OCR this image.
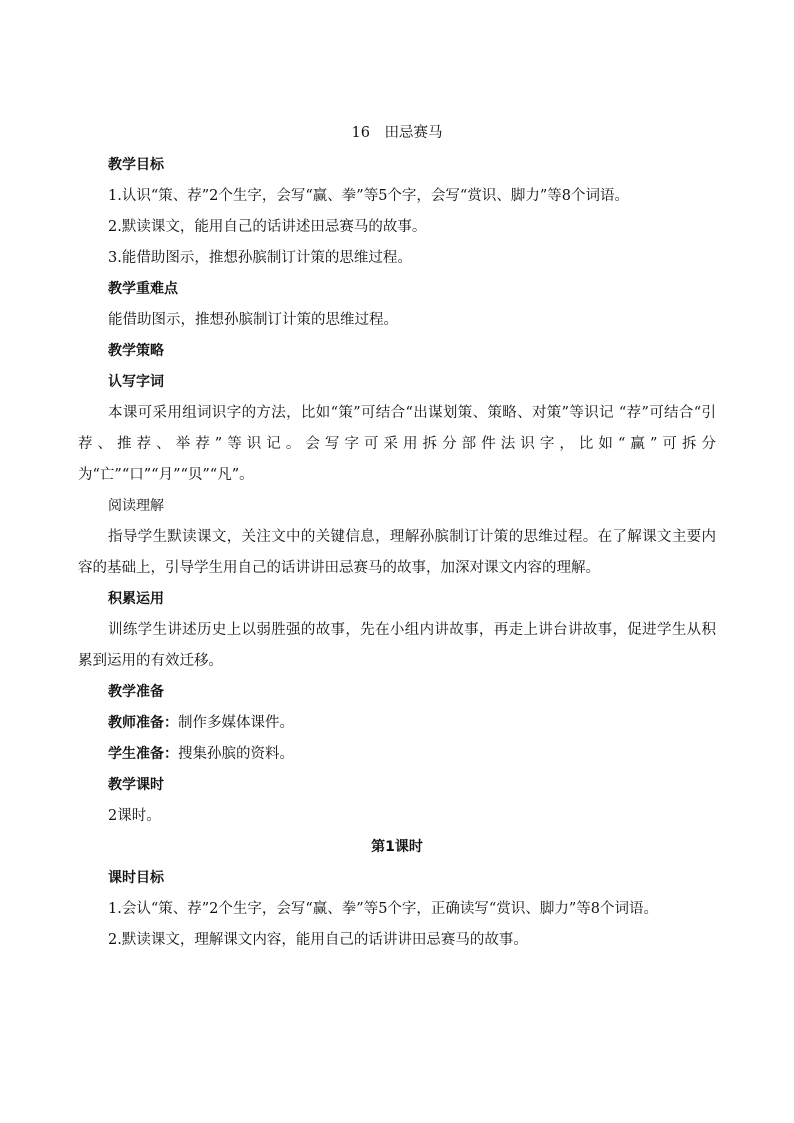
16　田忌赛马
教学目标

1.认识“策、荐”2个生字，会写“赢、拳”等5个字，会写“赏识、脚力”等8个词语。

2.默读课文，能用自己的话讲述田忌赛马的故事。

3.能借助图示，推想孙膑制订计策的思维过程。

教学重难点

能借助图示，推想孙膑制订计策的思维过程。

教学策略
认写字词

本课可采用组词识字的方法，比如“策”可结合“出谋划策、策略、对策”等识记 “荐”可结合“引荐、推荐、举荐”等识记。会写字可采用拆分部件法识字，比如“赢”可拆分为“亡”“口”“月”“贝”“凡”。

阅读理解

指导学生默读课文，关注文中的关键信息，理解孙膑制订计策的思维过程。在了解课文主要内容的基础上，引导学生用自己的话讲讲田忌赛马的故事，加深对课文内容的理解。

积累运用

训练学生讲述历史上以弱胜强的故事，先在小组内讲故事，再走上讲台讲故事，促进学生从积累到运用的有效迁移。

教学准备

教师准备：制作多媒体课件。

学生准备：搜集孙膑的资料。

教学课时

2课时。

第1课时
课时目标

1.会认“策、荐”2个生字，会写“赢、拳”等5个字，正确读写“赏识、脚力”等8个词语。

2.默读课文，理解课文内容，能用自己的话讲讲田忌赛马的故事。
